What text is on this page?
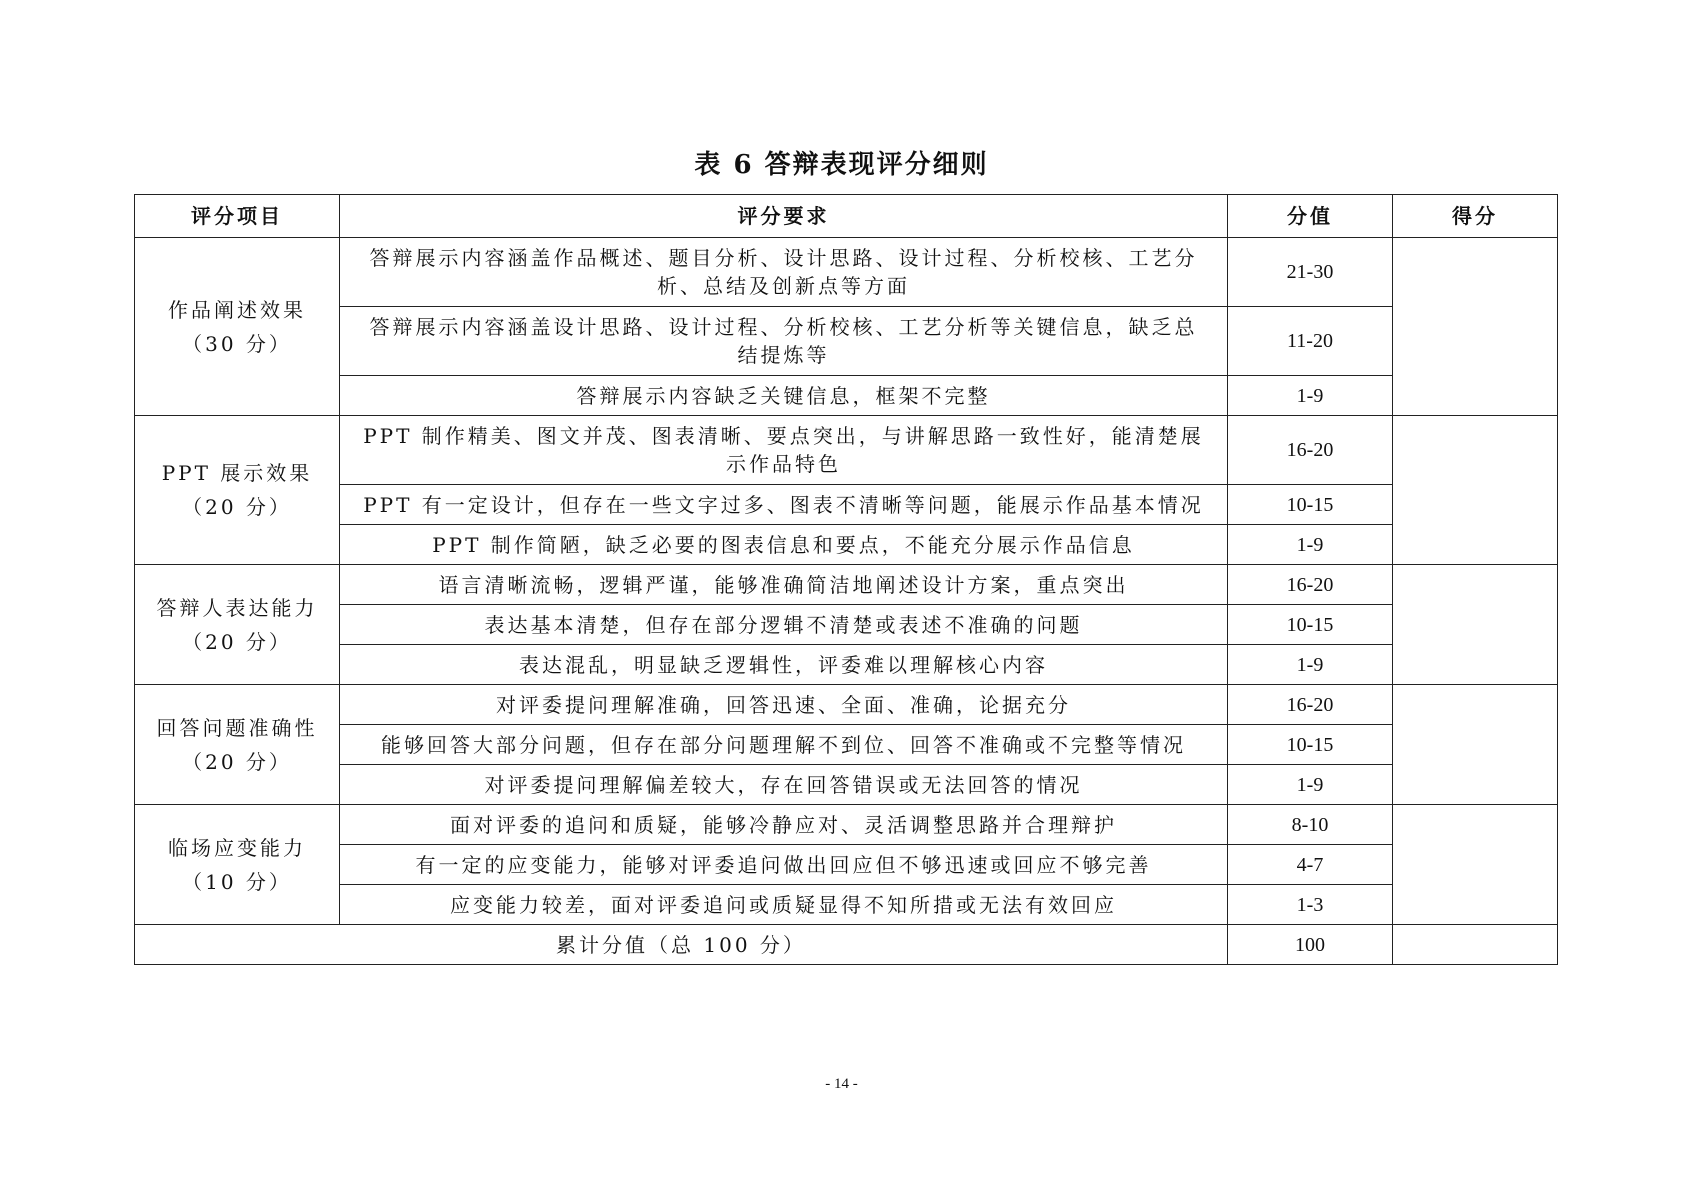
表 6 答辩表现评分细则
评分项目	评分要求	分值	得分

作品阐述效果
（30 分）	答辩展示内容涵盖作品概述、题目分析、设计思路、设计过程、分析校核、工艺分析、总结及创新点等方面	21-30	
	答辩展示内容涵盖设计思路、设计过程、分析校核、工艺分析等关键信息，缺乏总结提炼等	11-20	
	答辩展示内容缺乏关键信息，框架不完整	1-9	

PPT 展示效果
（20 分）	PPT 制作精美、图文并茂、图表清晰、要点突出，与讲解思路一致性好，能清楚展示作品特色	16-20	
	PPT 有一定设计，但存在一些文字过多、图表不清晰等问题，能展示作品基本情况	10-15	
	PPT 制作简陋，缺乏必要的图表信息和要点，不能充分展示作品信息	1-9	

答辩人表达能力
（20 分）	语言清晰流畅，逻辑严谨，能够准确简洁地阐述设计方案，重点突出	16-20	
	表达基本清楚，但存在部分逻辑不清楚或表述不准确的问题	10-15	
	表达混乱，明显缺乏逻辑性，评委难以理解核心内容	1-9	

回答问题准确性
（20 分）	对评委提问理解准确，回答迅速、全面、准确，论据充分	16-20	
	能够回答大部分问题，但存在部分问题理解不到位、回答不准确或不完整等情况	10-15	
	对评委提问理解偏差较大，存在回答错误或无法回答的情况	1-9	

临场应变能力
（10 分）	面对评委的追问和质疑，能够冷静应对、灵活调整思路并合理辩护	8-10	
	有一定的应变能力，能够对评委追问做出回应但不够迅速或回应不够完善	4-7	
	应变能力较差，面对评委追问或质疑显得不知所措或无法有效回应	1-3	
累计分值（总 100 分）		100	
- 14 -
